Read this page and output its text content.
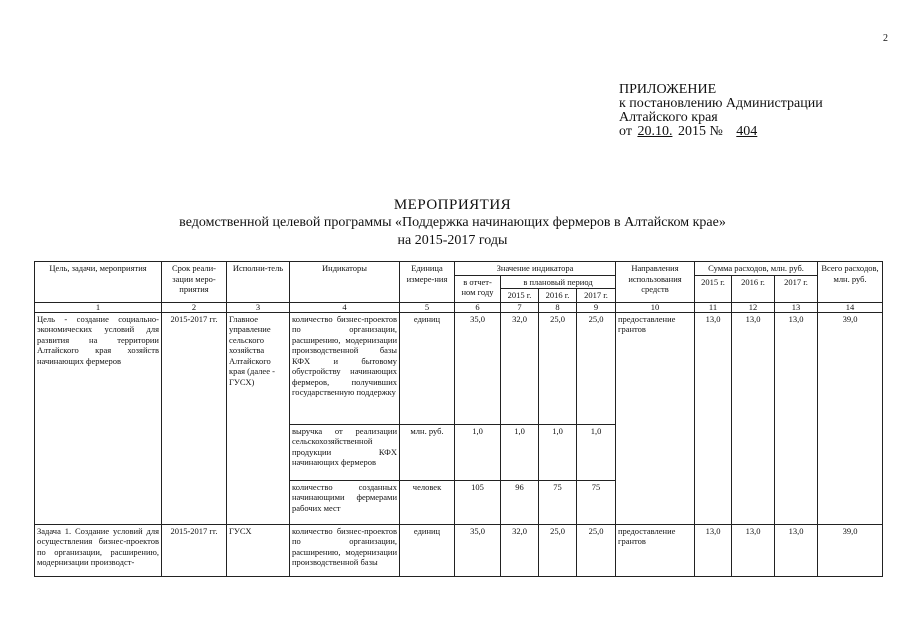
2
ПРИЛОЖЕНИЕ
к постановлению Администрации
Алтайского края
от 20.10. 2015 № 404
МЕРОПРИЯТИЯ
ведомственной целевой программы «Поддержка начинающих фермеров в Алтайском крае»
на 2015-2017 годы
Цель, задачи, мероприятия	Срок реали-зации меро-приятия	Исполни-тель	Индикаторы	Единица измере-ния	Значение индикатора				Направления использования средств	Сумма расходов, млн. руб.			Всего расходов, млн. руб.
					в отчет-ном году	в плановый период				2015 г.	2016 г.	2017 г.	
						2015 г.	2016 г.	2017 г.					
1	2	3	4	5	6	7	8	9	10	11	12	13	14
Цель - создание социально-экономических условий для развития на территории Алтайского края хозяйств начинающих фермеров	2015-2017 гг.	Главное управление сельского хозяйства Алтайского края (далее - ГУСХ)	количество бизнес-проектов по организации, расширению, модернизации производственной базы КФХ и бытовому обустройству начинающих фермеров, получивших государственную поддержку	единиц	35,0	32,0	25,0	25,0	предоставление грантов	13,0	13,0	13,0	39,0
			выручка от реализации сельскохозяйственной продукции КФХ начинающих фермеров	млн. руб.	1,0	1,0	1,0	1,0					
			количество созданных начинающими фермерами рабочих мест	человек	105	96	75	75					
Задача 1. Создание условий для осуществления бизнес-проектов по организации, расширению, модернизации производст-	2015-2017 гг.	ГУСХ	количество бизнес-проектов по организации, расширению, модернизации производственной базы	единиц	35,0	32,0	25,0	25,0	предоставление грантов	13,0	13,0	13,0	39,0
